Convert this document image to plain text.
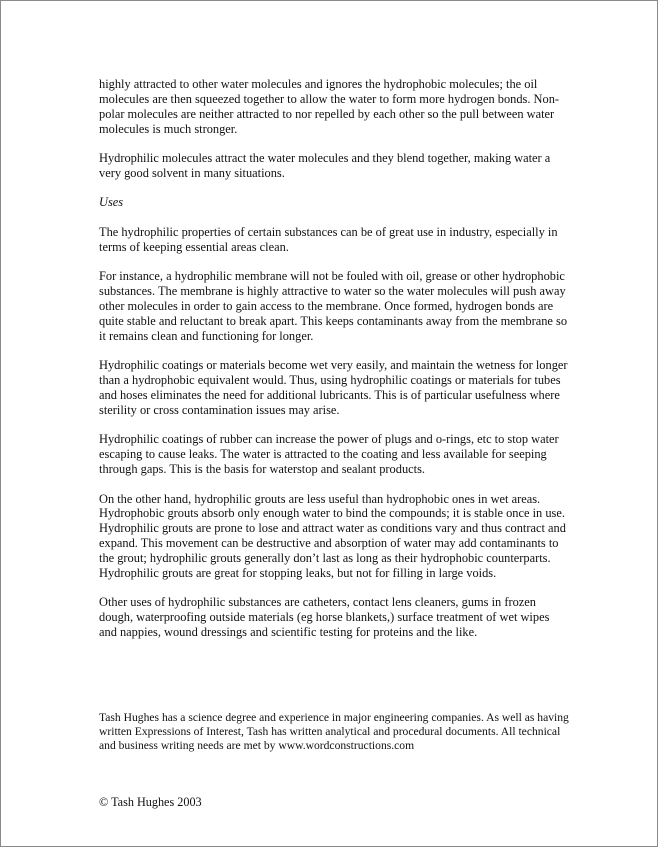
highly attracted to other water molecules and ignores the hydrophobic molecules; the oil molecules are then squeezed together to allow the water to form more hydrogen bonds. Non-polar molecules are neither attracted to nor repelled by each other so the pull between water molecules is much stronger.

Hydrophilic molecules attract the water molecules and they blend together, making water a very good solvent in many situations.

Uses

The hydrophilic properties of certain substances can be of great use in industry, especially in terms of keeping essential areas clean.

For instance, a hydrophilic membrane will not be fouled with oil, grease or other hydrophobic substances. The membrane is highly attractive to water so the water molecules will push away other molecules in order to gain access to the membrane. Once formed, hydrogen bonds are quite stable and reluctant to break apart. This keeps contaminants away from the membrane so it remains clean and functioning for longer.

Hydrophilic coatings or materials become wet very easily, and maintain the wetness for longer than a hydrophobic equivalent would. Thus, using hydrophilic coatings or materials for tubes and hoses eliminates the need for additional lubricants. This is of particular usefulness where sterility or cross contamination issues may arise.

Hydrophilic coatings of rubber can increase the power of plugs and o-rings, etc to stop water escaping to cause leaks. The water is attracted to the coating and less available for seeping through gaps. This is the basis for waterstop and sealant products.

On the other hand, hydrophilic grouts are less useful than hydrophobic ones in wet areas. Hydrophobic grouts absorb only enough water to bind the compounds; it is stable once in use. Hydrophilic grouts are prone to lose and attract water as conditions vary and thus contract and expand. This movement can be destructive and absorption of water may add contaminants to the grout; hydrophilic grouts generally don’t last as long as their hydrophobic counterparts. Hydrophilic grouts are great for stopping leaks, but not for filling in large voids.

Other uses of hydrophilic substances are catheters, contact lens cleaners, gums in frozen dough, waterproofing outside materials (eg horse blankets,) surface treatment of wet wipes and nappies, wound dressings and scientific testing for proteins and the like.

Tash Hughes has a science degree and experience in major engineering companies. As well as having written Expressions of Interest, Tash has written analytical and procedural documents. All technical and business writing needs are met by www.wordconstructions.com

© Tash Hughes 2003
